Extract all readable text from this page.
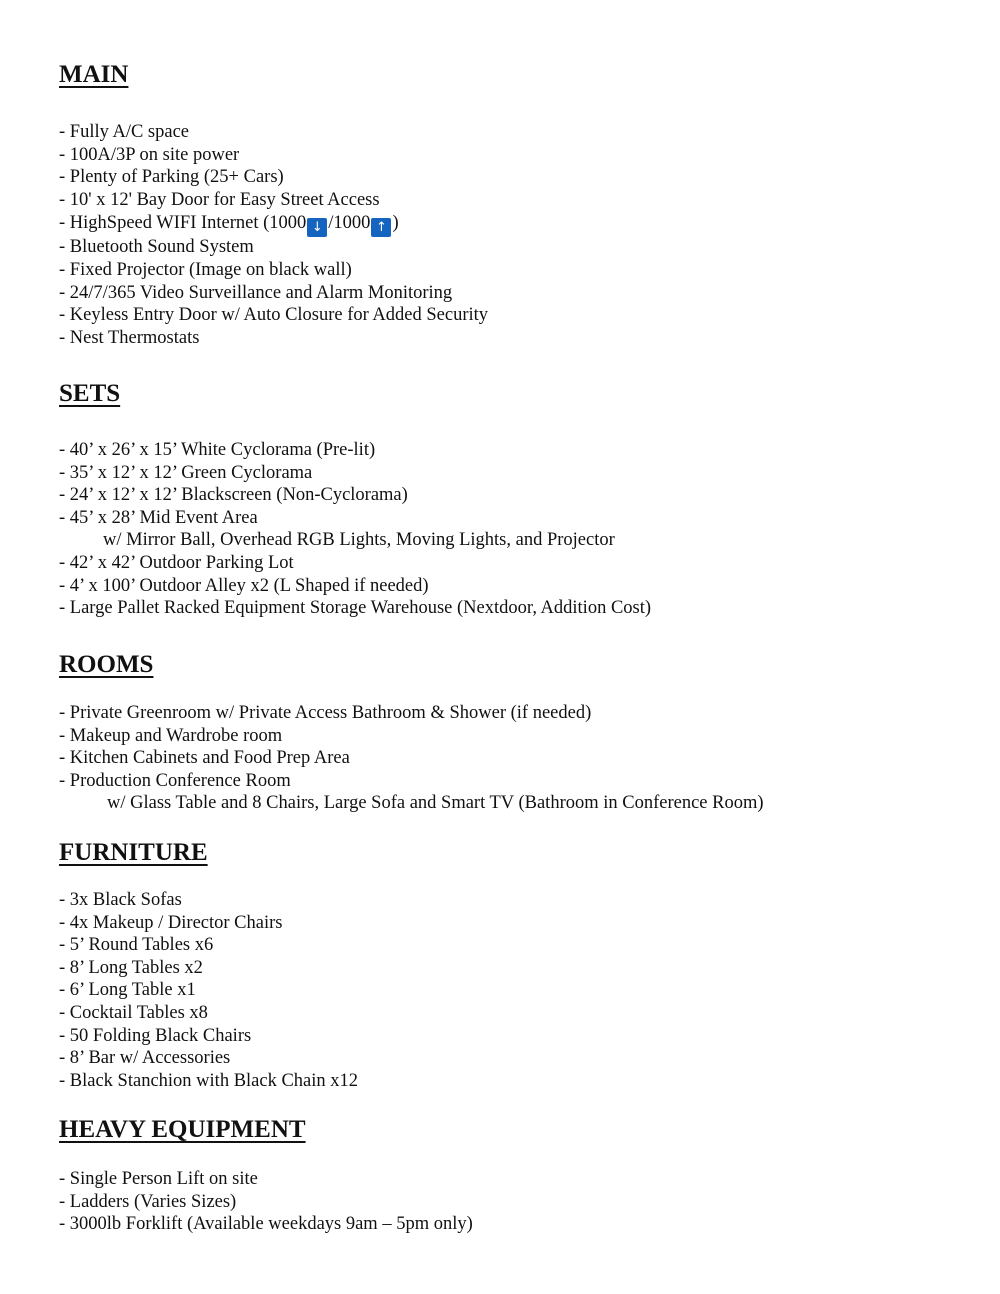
MAIN
- Fully A/C space
- 100A/3P on site power
- Plenty of Parking (25+ Cars)
- 10' x 12' Bay Door for Easy Street Access
- HighSpeed WIFI Internet (1000 ↓ /1000 ↑ )
- Bluetooth Sound System
- Fixed Projector (Image on black wall)
- 24/7/365 Video Surveillance and Alarm Monitoring
- Keyless Entry Door w/ Auto Closure for Added Security
- Nest Thermostats
SETS
- 40’ x 26’ x 15’ White Cyclorama (Pre-lit)
- 35’ x 12’ x 12’ Green Cyclorama
- 24’ x 12’ x 12’ Blackscreen (Non-Cyclorama)
- 45’ x 28’ Mid Event Area
w/ Mirror Ball, Overhead RGB Lights, Moving Lights, and Projector
- 42’ x 42’ Outdoor Parking Lot
- 4’ x 100’ Outdoor Alley x2 (L Shaped if needed)
- Large Pallet Racked Equipment Storage Warehouse (Nextdoor, Addition Cost)
ROOMS
- Private Greenroom w/ Private Access Bathroom & Shower (if needed)
- Makeup and Wardrobe room
- Kitchen Cabinets and Food Prep Area
- Production Conference Room
w/ Glass Table and 8 Chairs, Large Sofa and Smart TV (Bathroom in Conference Room)
FURNITURE
- 3x Black Sofas
- 4x Makeup / Director Chairs
- 5’ Round Tables x6
- 8’ Long Tables x2
- 6’ Long Table x1
- Cocktail Tables x8
- 50 Folding Black Chairs
- 8’ Bar w/ Accessories
- Black Stanchion with Black Chain x12
HEAVY EQUIPMENT
- Single Person Lift on site
- Ladders (Varies Sizes)
- 3000lb Forklift (Available weekdays 9am – 5pm only)
